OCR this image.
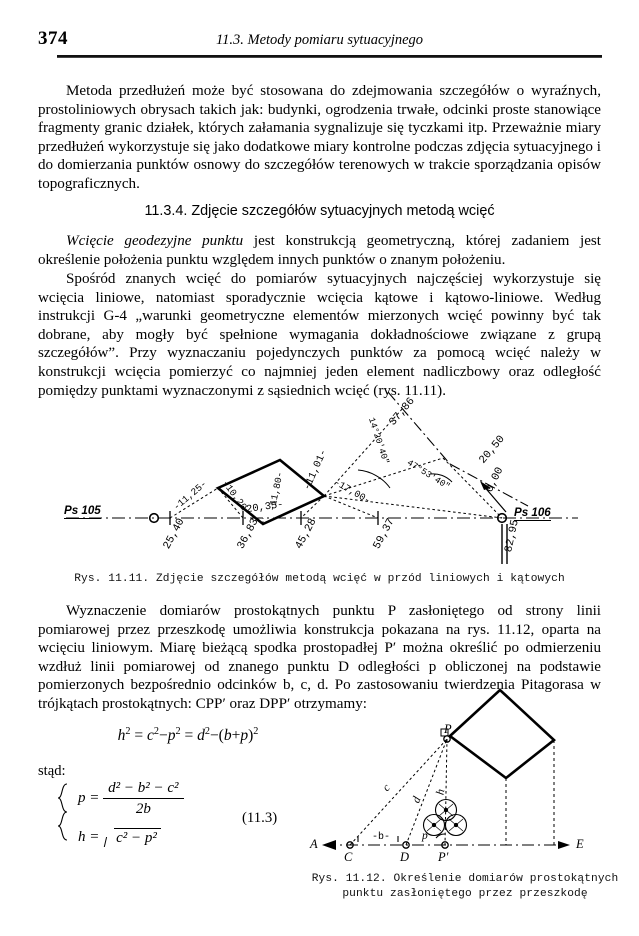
374	11.3. Metody pomiaru sytuacyjnego

Metoda przedłużeń może być stosowana do zdejmowania szczegółów o wyraźnych, prostoliniowych obrysach takich jak: budynki, ogrodzenia trwałe, odcinki proste stanowiące fragmenty granic działek, których załamania sygnalizuje się tyczkami itp. Przeważnie miary przedłużeń wykorzystuje się jako dodatkowe miary kontrolne podczas zdjęcia sytuacyjnego i do domierzania punktów osnowy do szczegółów terenowych w trakcie sporządzania opisów topograficznych.

11.3.4. Zdjęcie szczegółów sytuacyjnych metodą wcięć

Wcięcie geodezyjne punktu jest konstrukcją geometryczną, której zadaniem jest określenie położenia punktu względem innych punktów o znanym położeniu.

Spośród znanych wcięć do pomiarów sytuacyjnych najczęściej wykorzystuje się wcięcia liniowe, natomiast sporadycznie wcięcia kątowe i kątowo-liniowe. Według instrukcji G-4 „warunki geometryczne elementów mierzonych wcięć powinny być tak dobrane, aby mogły być spełnione wymagania dokładnościowe związane z grupą szczegółów”. Przy wyznaczaniu pojedynczych punktów za pomocą wcięć należy w konstrukcji wcięcia pomierzyć co najmniej jeden element nadliczbowy oraz odległość pomiędzy punktami wyznaczonymi z sąsiednich wcięć (rys. 11.11).

Ps 105	Ps 106
-20,35-
-11,01-
-11,25- -10,20- -11,80-	-17,00-
25,40	36,83	45,28	59,37	82,95
0,00
37,86
20,50
14°20'40"
47°53'40"
Rys. 11.11. Zdjęcie szczegółów metodą wcięć w przód liniowych i kątowych

Wyznaczenie domiarów prostokątnych punktu P zasłoniętego od strony linii pomiarowej przez przeszkodę umożliwia konstrukcja pokazana na rys. 11.12, oparta na wcięciu liniowym. Miarę bieżącą spodka prostopadłej P′ można określić po odmierzeniu wzdłuż linii pomiarowej od znanego punktu D odległości p obliczonej na podstawie pomierzonych bezpośrednio odcinków b, c, d. Po zastosowaniu twierdzenia Pitagorasa w trójkątach prostokątnych: CPP′ oraz DPP′ otrzymamy:

$h^2 = c^2-p^2 = d^2-(b+p)^2$
stąd:
$p = \frac{\text{d² − b² − c²}}{2b}$
h = c² − p²
(11.3)
A
C	D
P
P′
E
-b-
c
d
h
p
Rys. 11.12. Określenie domiarów prostokątnych
punktu zasłoniętego przez przeszkodę
